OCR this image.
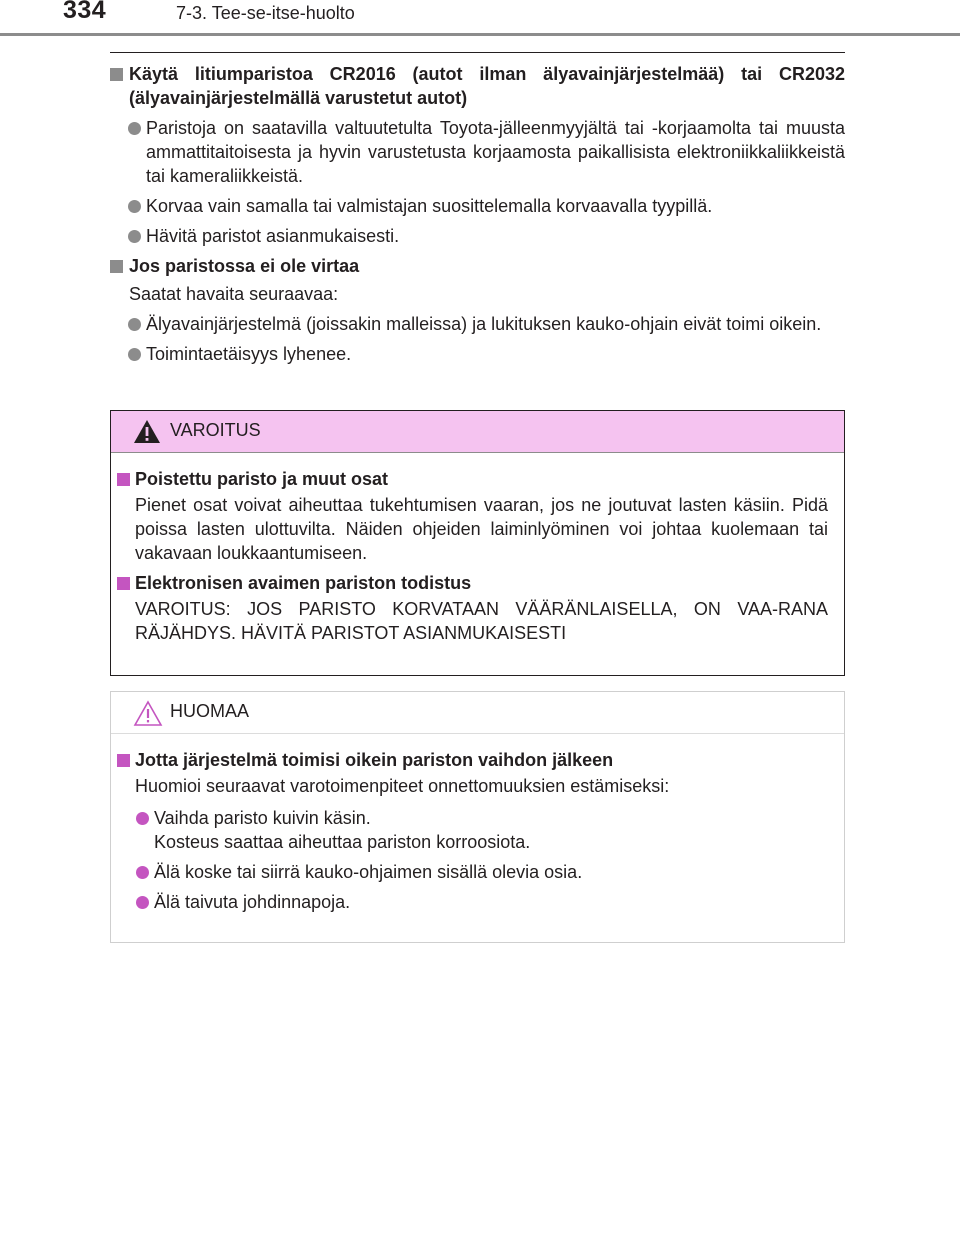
334	7-3. Tee-se-itse-huolto
Käytä litiumparistoa CR2016 (autot ilman älyavainjärjestelmää) tai CR2032 (älyavainjärjestelmällä varustetut autot)
Paristoja on saatavilla valtuutetulta Toyota-jälleenmyyjältä tai -korjaamolta tai muusta ammattitaitoisesta ja hyvin varustetusta korjaamosta paikallisista elektroniikkaliikkeistä tai kameraliikkeistä.
Korvaa vain samalla tai valmistajan suosittelemalla korvaavalla tyypillä.
Hävitä paristot asianmukaisesti.
Jos paristossa ei ole virtaa
Saatat havaita seuraavaa:
Älyavainjärjestelmä (joissakin malleissa) ja lukituksen kauko-ohjain eivät toimi oikein.
Toimintaetäisyys lyhenee.
VAROITUS
Poistettu paristo ja muut osat
Pienet osat voivat aiheuttaa tukehtumisen vaaran, jos ne joutuvat lasten käsiin. Pidä poissa lasten ulottuvilta. Näiden ohjeiden laiminlyöminen voi johtaa kuolemaan tai vakavaan loukkaantumiseen.
Elektronisen avaimen pariston todistus
VAROITUS: JOS PARISTO KORVATAAN VÄÄRÄNLAISELLA, ON VAA-RANA RÄJÄHDYS. HÄVITÄ PARISTOT ASIANMUKAISESTI
HUOMAA
Jotta järjestelmä toimisi oikein pariston vaihdon jälkeen
Huomioi seuraavat varotoimenpiteet onnettomuuksien estämiseksi:
Vaihda paristo kuivin käsin.
Kosteus saattaa aiheuttaa pariston korroosiota.
Älä koske tai siirrä kauko-ohjaimen sisällä olevia osia.
Älä taivuta johdinnapoja.
